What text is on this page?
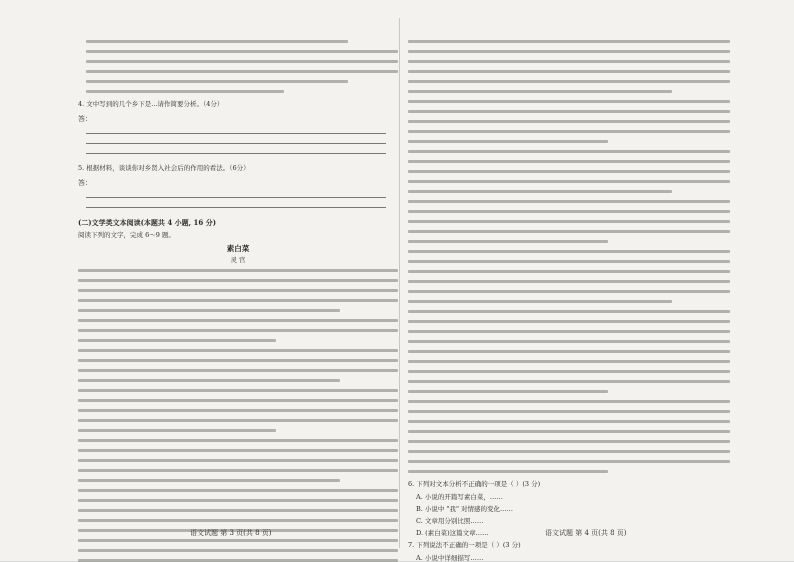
4. 文中写到的几个乡下是...请作简要分析。（4分）
答：
5. 根据材料，谈谈你对乡贤入社会后的作用的看法。（6分）
答：
(二)文学类文本阅读(本题共 4 小题, 16 分)
阅读下列的文字，完成 6～9 题。
素白菜
灵 官
6. 下列对文本分析不正确的一项是（ ）(3 分)
A. 小说的开篇写素白菜，……
B. 小说中 "我" 对情感的变化……
C. 文章用分别比照……
D. (素白菜)这篇文章……
7. 下列说法不正确的一项是（ ）(3 分)
A. 小说中详细描写……
语文试题 第 3 页(共 8 页)	语文试题 第 4 页(共 8 页)
